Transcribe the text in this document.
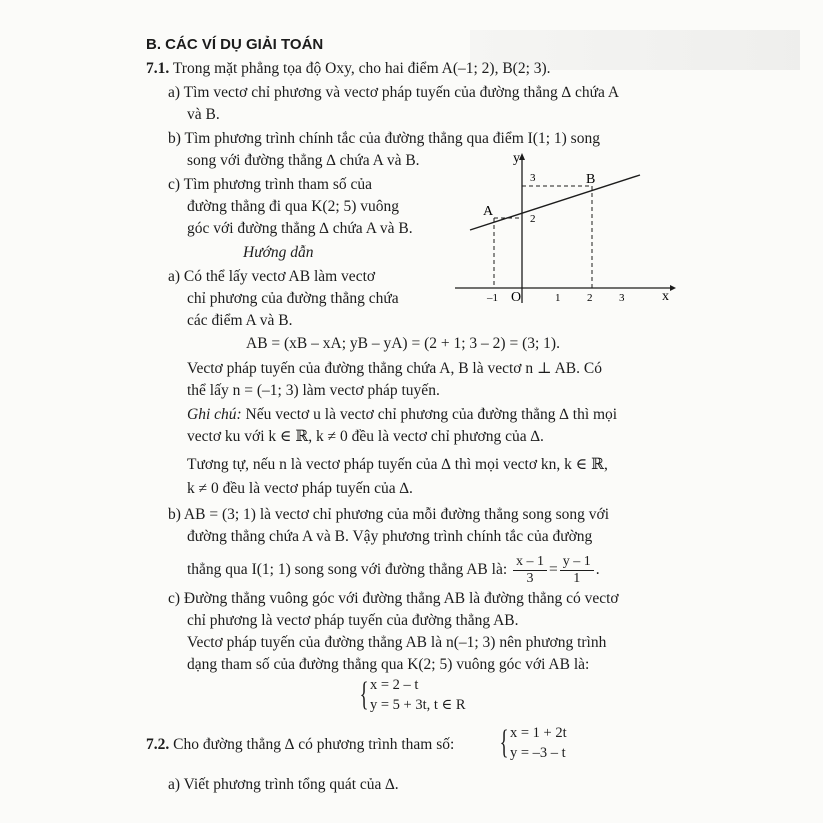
B. CÁC VÍ DỤ GIẢI TOÁN
7.1. Trong mặt phẳng tọa độ Oxy, cho hai điểm A(–1; 2), B(2; 3).
a) Tìm vectơ chỉ phương và vectơ pháp tuyến của đường thẳng ∆ chứa A
và B.
b) Tìm phương trình chính tắc của đường thẳng qua điểm I(1; 1) song
song với đường thẳng ∆ chứa A và B.
c) Tìm phương trình tham số của
đường thẳng đi qua K(2; 5) vuông
góc với đường thẳng ∆ chứa A và B.
Hướng dẫn
a) Có thể lấy vectơ AB làm vectơ
chỉ phương của đường thẳng chứa
các điểm A và B.
y
x
O
A
B
3
2
–1	1 2 3
AB = (xB – xA; yB – yA) = (2 + 1; 3 – 2) = (3; 1).
Vectơ pháp tuyến của đường thẳng chứa A, B là vectơ n ⊥ AB. Có
thể lấy n = (–1; 3) làm vectơ pháp tuyến.
Ghi chú: Nếu vectơ u là vectơ chỉ phương của đường thẳng ∆ thì mọi
vectơ ku với k ∈ ℝ, k ≠ 0 đều là vectơ chỉ phương của ∆.
Tương tự, nếu n là vectơ pháp tuyến của ∆ thì mọi vectơ kn, k ∈ ℝ,
k ≠ 0 đều là vectơ pháp tuyến của ∆.
b) AB = (3; 1) là vectơ chỉ phương của mỗi đường thẳng song song với
đường thẳng chứa A và B. Vậy phương trình chính tắc của đường
thẳng qua I(1; 1) song song với đường thẳng AB là: $\frac{x - 1}{3} = \frac{y - 1}{1}$ .
c) Đường thẳng vuông góc với đường thẳng AB là đường thẳng có vectơ
chỉ phương là vectơ pháp tuyến của đường thẳng AB.
Vectơ pháp tuyến của đường thẳng AB là n(–1; 3) nên phương trình
dạng tham số của đường thẳng qua K(2; 5) vuông góc với AB là:
{ x = 2 – t
y = 5 + 3t, t ∈ R
7.2. Cho đường thẳng ∆ có phương trình tham số: { x = 1 + 2t
y = –3 – t
a) Viết phương trình tổng quát của ∆.
